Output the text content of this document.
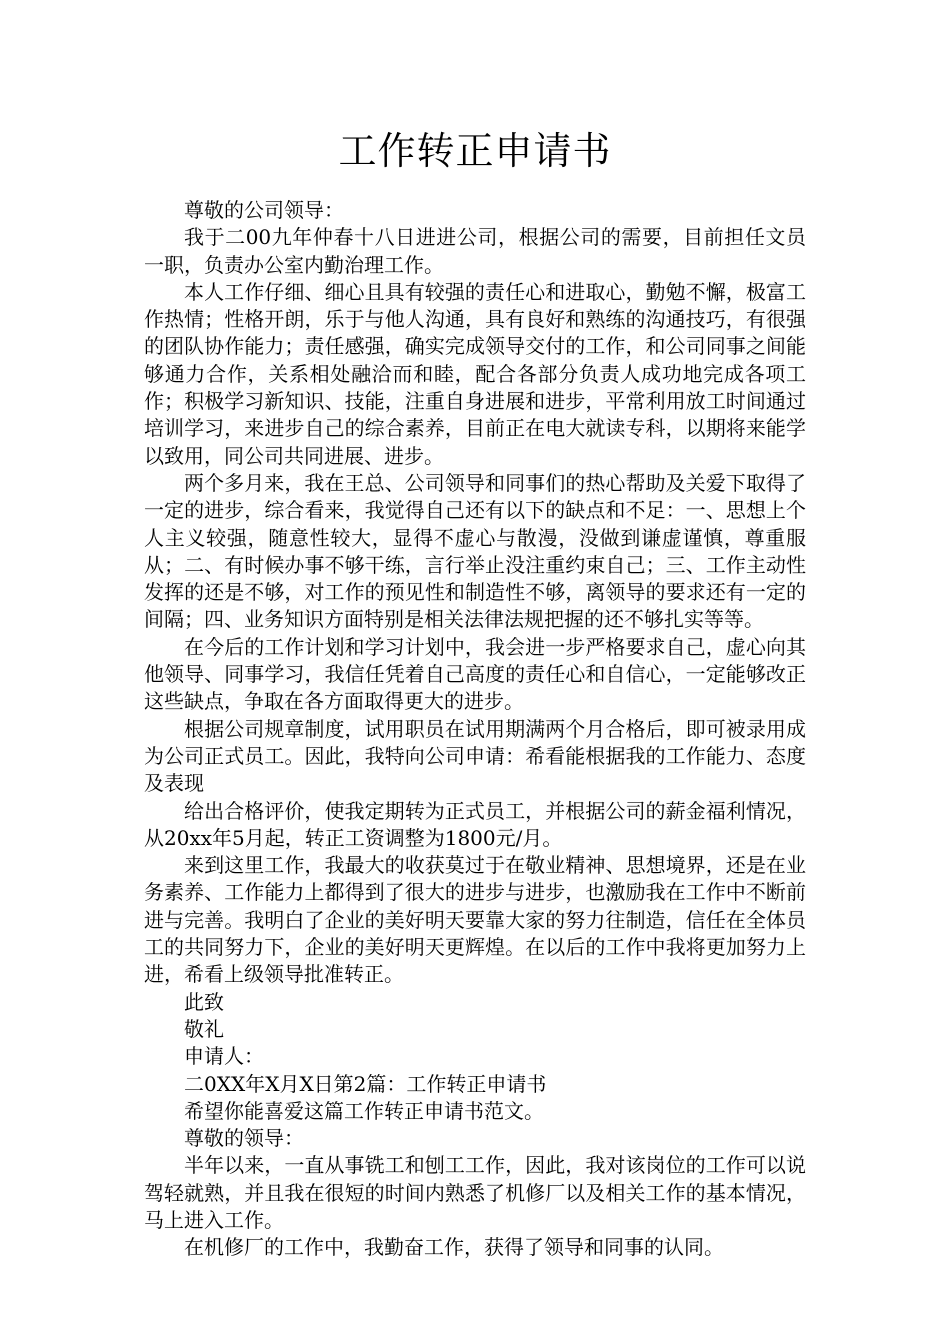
工作转正申请书

尊敬的公司领导：

我于二00九年仲春十八日进进公司，根据公司的需要，目前担任文员一职，负责办公室内勤治理工作。

本人工作仔细、细心且具有较强的责任心和进取心，勤勉不懈，极富工作热情；性格开朗，乐于与他人沟通，具有良好和熟练的沟通技巧，有很强的团队协作能力；责任感强，确实完成领导交付的工作，和公司同事之间能够通力合作，关系相处融洽而和睦，配合各部分负责人成功地完成各项工作；积极学习新知识、技能，注重自身进展和进步，平常利用放工时间通过培训学习，来进步自己的综合素养，目前正在电大就读专科，以期将来能学以致用，同公司共同进展、进步。

两个多月来，我在王总、公司领导和同事们的热心帮助及关爱下取得了一定的进步，综合看来，我觉得自己还有以下的缺点和不足：一、思想上个人主义较强，随意性较大，显得不虚心与散漫，没做到谦虚谨慎，尊重服从；二、有时候办事不够干练，言行举止没注重约束自己；三、工作主动性发挥的还是不够，对工作的预见性和制造性不够，离领导的要求还有一定的间隔；四、业务知识方面特别是相关法律法规把握的还不够扎实等等。

在今后的工作计划和学习计划中，我会进一步严格要求自己，虚心向其他领导、同事学习，我信任凭着自己高度的责任心和自信心，一定能够改正这些缺点，争取在各方面取得更大的进步。

根据公司规章制度，试用职员在试用期满两个月合格后，即可被录用成为公司正式员工。因此，我特向公司申请：希看能根据我的工作能力、态度及表现

给出合格评价，使我定期转为正式员工，并根据公司的薪金福利情况，从20xx年5月起，转正工资调整为1800元/月。

来到这里工作，我最大的收获莫过于在敬业精神、思想境界，还是在业务素养、工作能力上都得到了很大的进步与进步，也激励我在工作中不断前进与完善。我明白了企业的美好明天要靠大家的努力往制造，信任在全体员工的共同努力下，企业的美好明天更辉煌。在以后的工作中我将更加努力上进，希看上级领导批准转正。

此致

敬礼

申请人：

二0XX年X月X日第2篇：工作转正申请书

希望你能喜爱这篇工作转正申请书范文。

尊敬的领导：

半年以来，一直从事铣工和刨工工作，因此，我对该岗位的工作可以说驾轻就熟，并且我在很短的时间内熟悉了机修厂以及相关工作的基本情况，马上进入工作。

在机修厂的工作中，我勤奋工作，获得了领导和同事的认同。
